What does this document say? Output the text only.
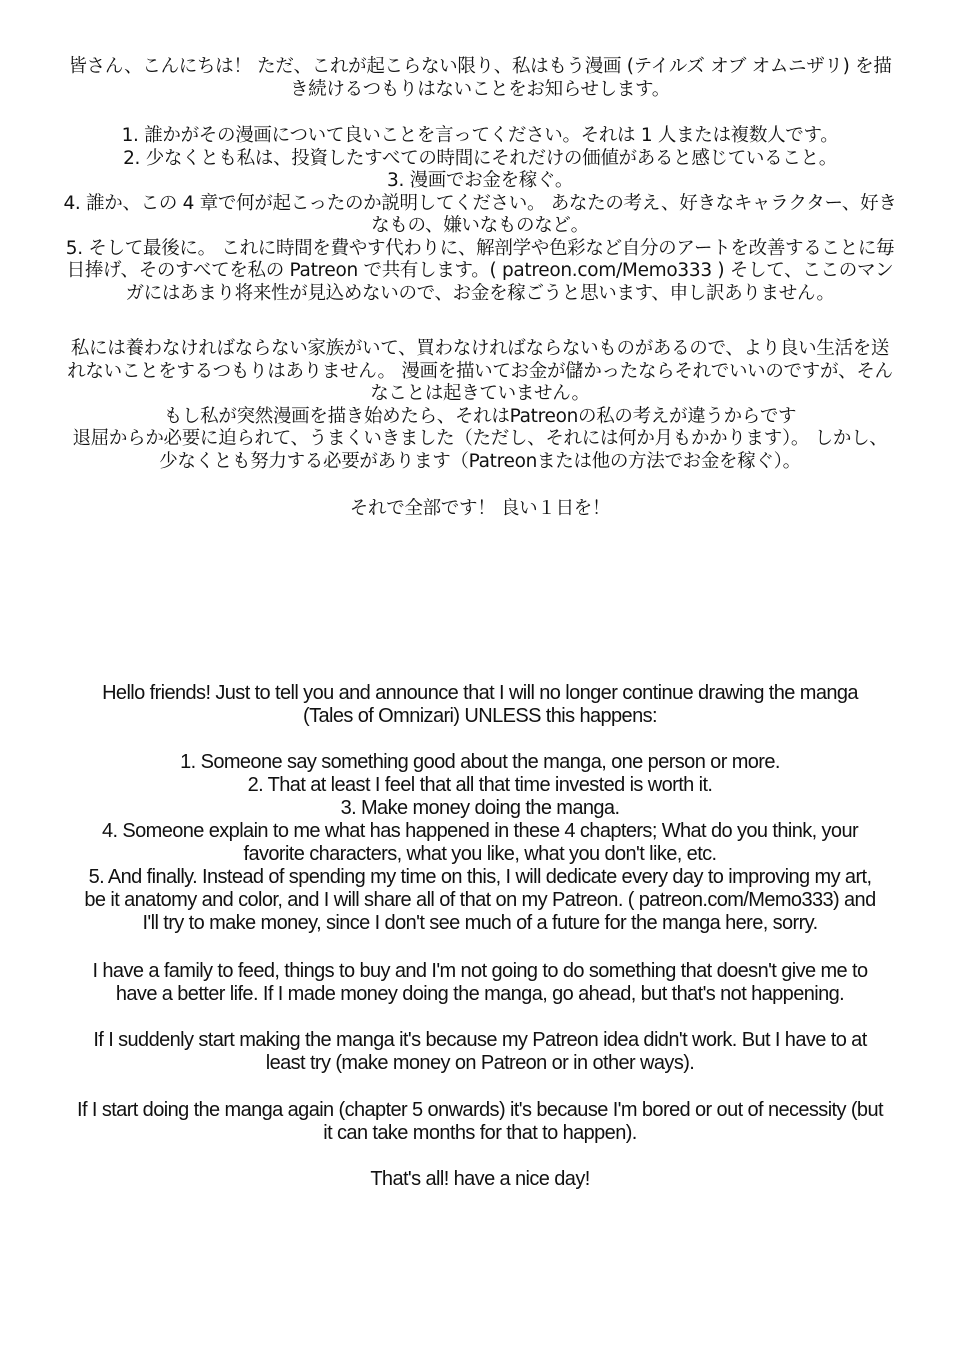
皆さん、こんにちは！ ただ、これが起こらない限り、私はもう漫画 (テイルズ オブ オムニザリ) を描
き続けるつもりはないことをお知らせします。
1. 誰かがその漫画について良いことを言ってください。それは 1 人または複数人です。
2. 少なくとも私は、投資したすべての時間にそれだけの価値があると感じていること。
3. 漫画でお金を稼ぐ。
4. 誰か、この 4 章で何が起こったのか説明してください。 あなたの考え、好きなキャラクター、好き
なもの、嫌いなものなど。
5. そして最後に。 これに時間を費やす代わりに、解剖学や色彩など自分のアートを改善することに毎
日捧げ、そのすべてを私の Patreon で共有します。( patreon.com/Memo333 ) そして、ここのマン
ガにはあまり将来性が見込めないので、お金を稼ごうと思います、申し訳ありません。
私には養わなければならない家族がいて、買わなければならないものがあるので、より良い生活を送
れないことをするつもりはありません。 漫画を描いてお金が儲かったならそれでいいのですが、そん
なことは起きていません。
もし私が突然漫画を描き始めたら、それはPatreonの私の考えが違うからです
退屈からか必要に迫られて、うまくいきました（ただし、それには何か月もかかります）。 しかし、
少なくとも努力する必要があります（Patreonまたは他の方法でお金を稼ぐ）。
それで全部です！ 良い１日を！
Hello friends! Just to tell you and announce that I will no longer continue drawing the manga
(Tales of Omnizari) UNLESS this happens:
1. Someone say something good about the manga, one person or more.
2. That at least I feel that all that time invested is worth it.
3. Make money doing the manga.
4. Someone explain to me what has happened in these 4 chapters; What do you think, your
favorite characters, what you like, what you don't like, etc.
5. And finally. Instead of spending my time on this, I will dedicate every day to improving my art,
be it anatomy and color, and I will share all of that on my Patreon. ( patreon.com/Memo333) and
I'll try to make money, since I don't see much of a future for the manga here, sorry.
I have a family to feed, things to buy and I'm not going to do something that doesn't give me to
have a better life. If I made money doing the manga, go ahead, but that's not happening.
If I suddenly start making the manga it's because my Patreon idea didn't work. But I have to at
least try (make money on Patreon or in other ways).
If I start doing the manga again (chapter 5 onwards) it's because I'm bored or out of necessity (but
it can take months for that to happen).
That's all! have a nice day!
